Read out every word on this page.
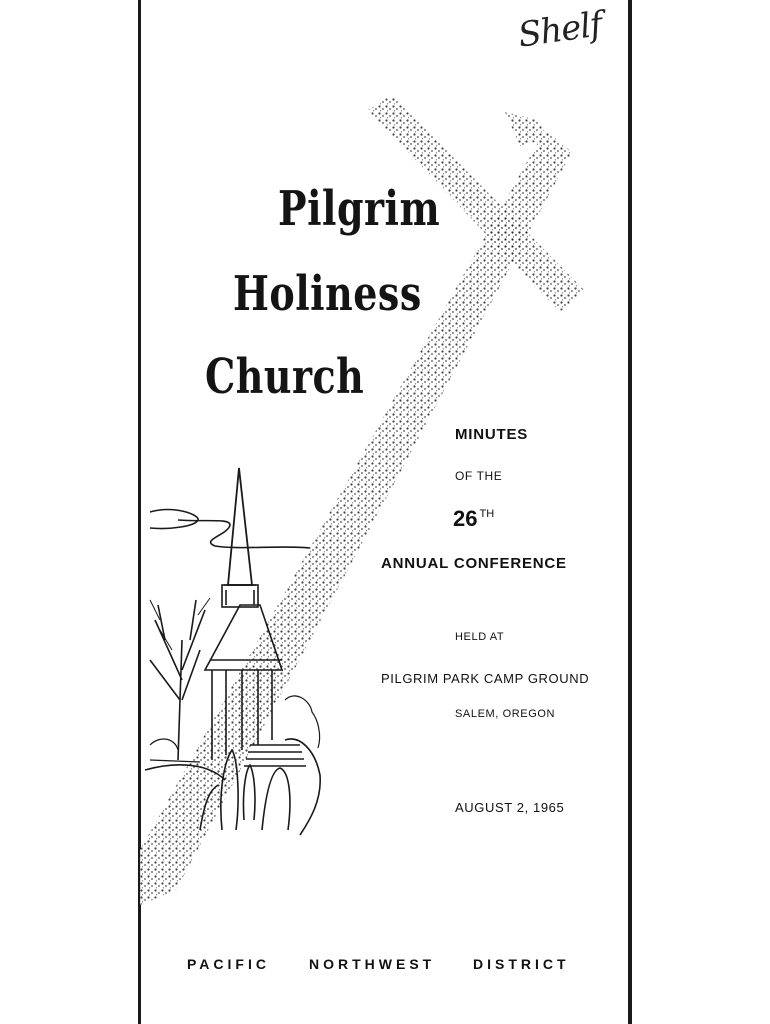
Shelf
Pilgrim
Holiness
Church
MINUTES
OF THE
26 $^{TH}$
ANNUAL CONFERENCE
HELD AT
PILGRIM PARK CAMP GROUND
SALEM, OREGON
AUGUST 2, 1965
PACIFIC	NORTHWEST	DISTRICT
